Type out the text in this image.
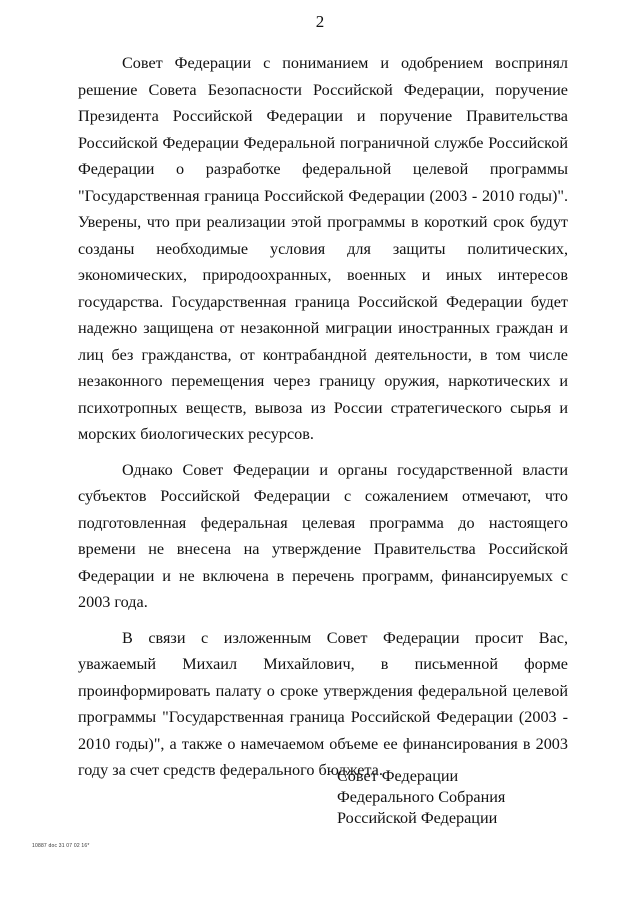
2

Совет Федерации с пониманием и одобрением воспринял решение Совета Безопасности Российской Федерации, поручение Президента Российской Федерации и поручение Правительства Российской Федерации Федеральной пограничной службе Российской Федерации о разработке федеральной целевой программы "Государственная граница Российской Федерации (2003 - 2010 годы)". Уверены, что при реализации этой программы в короткий срок будут созданы необходимые условия для защиты политических, экономических, природоохранных, военных и иных интересов государства. Государственная граница Российской Федерации будет надежно защищена от незаконной миграции иностранных граждан и лиц без гражданства, от контрабандной деятельности, в том числе незаконного перемещения через границу оружия, наркотических и психотропных веществ, вывоза из России стратегического сырья и морских биологических ресурсов.

Однако Совет Федерации и органы государственной власти субъектов Российской Федерации с сожалением отмечают, что подготовленная федеральная целевая программа до настоящего времени не внесена на утверждение Правительства Российской Федерации и не включена в перечень программ, финансируемых с 2003 года.

В связи с изложенным Совет Федерации просит Вас, уважаемый Михаил Михайлович, в письменной форме проинформировать палату о сроке утверждения федеральной целевой программы "Государственная граница Российской Федерации (2003 - 2010 годы)", а также о намечаемом объеме ее финансирования в 2003 году за счет средств федерального бюджета.

Совет Федерации
Федерального Собрания
Российской Федерации
10887 doc 31 07 02 16*
